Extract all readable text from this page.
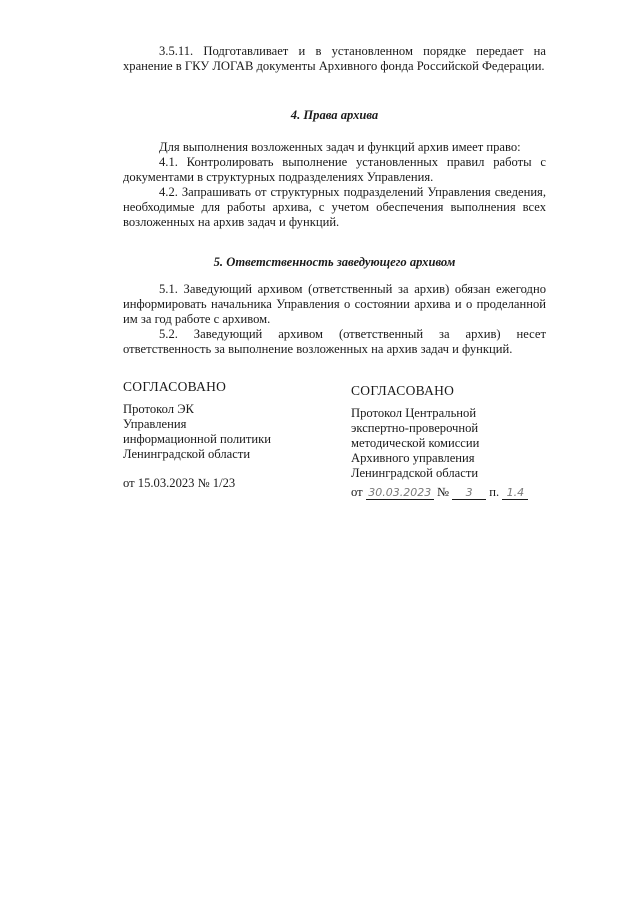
3.5.11. Подготавливает и в установленном порядке передает на хранение в ГКУ ЛОГАВ документы Архивного фонда Российской Федерации.
4. Права архива
Для выполнения возложенных задач и функций архив имеет право:
4.1. Контролировать выполнение установленных правил работы с документами в структурных подразделениях Управления.
4.2. Запрашивать от структурных подразделений Управления сведения, необходимые для работы архива, с учетом обеспечения выполнения всех возложенных на архив задач и функций.
5. Ответственность заведующего архивом
5.1. Заведующий архивом (ответственный за архив) обязан ежегодно информировать начальника Управления о состоянии архива и о проделанной им за год работе с архивом.
5.2. Заведующий архивом (ответственный за архив) несет ответственность за выполнение возложенных на архив задач и функций.
СОГЛАСОВАНО
Протокол ЭК
Управления
информационной политики
Ленинградской области
от 15.03.2023 № 1/23
СОГЛАСОВАНО
Протокол Центральной
экспертно-проверочной
методической комиссии
Архивного управления
Ленинградской области
от 30.03.2023 № 3 п. 1.4
